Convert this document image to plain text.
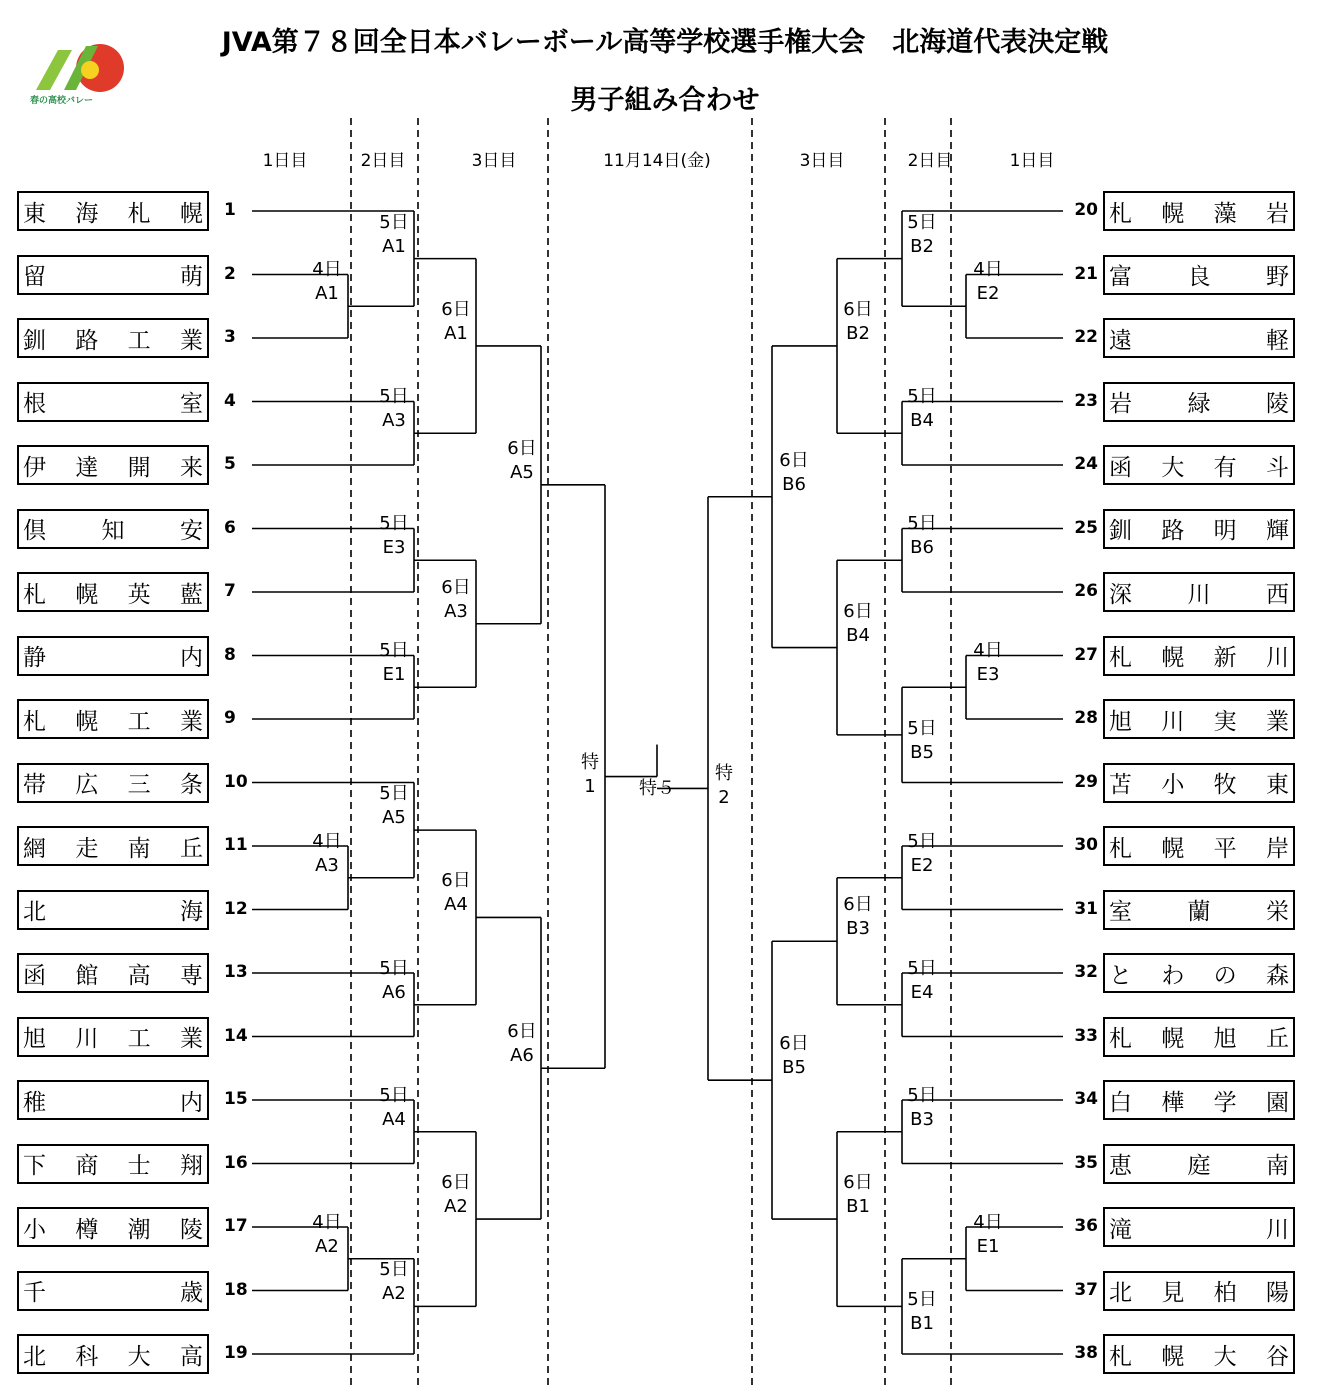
JVA第７８回全日本バレーボール高等学校選手権大会　北海道代表決定戦
男子組み合わせ
春の高校バレー
1日目	2日目	3日目	11月14日(金)	3日目	2日目	1日目
東 海 札 幌 1
留	萌 2
釧 路 工 業 3
根	室 4
伊 達 開 来 5
倶 知 安 6
札 幌 英 藍 7
静	内 8
札 幌 工 業 9
帯 広 三 条 10
網 走 南 丘 11
北	海 12
函 館 高 専 13
旭 川 工 業 14
稚	内 15
下 商 士 翔 16
小 樽 潮 陵 17
千	歳 18
北 科 大 高 19
札 幌 藻 岩
20
富 良 野
21
遠	軽
22
岩 緑 陵
23
函 大 有 斗
24
釧 路 明 輝
25
深 川 西
26
札 幌 新 川
27
旭 川 実 業
28
苫 小 牧 東
29
札 幌 平 岸
30
室 蘭 栄
31
と わ の 森
32
札 幌 旭 丘
33
白 樺 学 園
34
恵 庭 南
35
滝	川
36
北 見 柏 陽
37
札 幌 大 谷
38
4日
A1
4日
A3
4日
A2
5日
A1
5日
A3
5日
E3
5日
E1
5日
A5
5日
A6
5日
A4
5日
A2
6日
A1
6日
A3
6日
A4
6日
A2
6日
A5
6日
A6
特
1	特５
特
2
6日
B6
6日
B5
6日
B2
6日
B4
6日
B3
6日
B1
5日
B2
5日
B4
5日
B6
5日
B5
5日
E2
5日
E4
5日
B3
5日
B1
4日
E2
4日
E3
4日
E1
